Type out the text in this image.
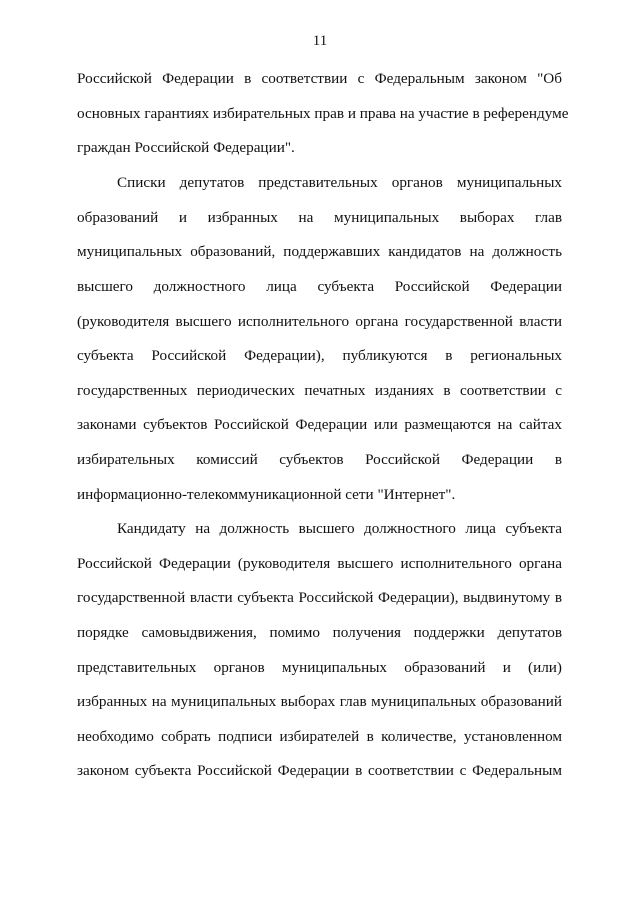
11
Российской Федерации в соответствии с Федеральным законом "Об
основных гарантиях избирательных прав и права на участие в референдуме
граждан Российской Федерации".
Списки депутатов представительных органов муниципальных
образований и избранных на муниципальных выборах глав
муниципальных образований, поддержавших кандидатов на должность
высшего должностного лица субъекта Российской Федерации
(руководителя высшего исполнительного органа государственной власти
субъекта Российской Федерации), публикуются в региональных
государственных периодических печатных изданиях в соответствии с
законами субъектов Российской Федерации или размещаются на сайтах
избирательных комиссий субъектов Российской Федерации в
информационно-телекоммуникационной сети "Интернет".
Кандидату на должность высшего должностного лица субъекта
Российской Федерации (руководителя высшего исполнительного органа
государственной власти субъекта Российской Федерации), выдвинутому в
порядке самовыдвижения, помимо получения поддержки депутатов
представительных органов муниципальных образований и (или)
избранных на муниципальных выборах глав муниципальных образований
необходимо собрать подписи избирателей в количестве, установленном
законом субъекта Российской Федерации в соответствии с Федеральным
